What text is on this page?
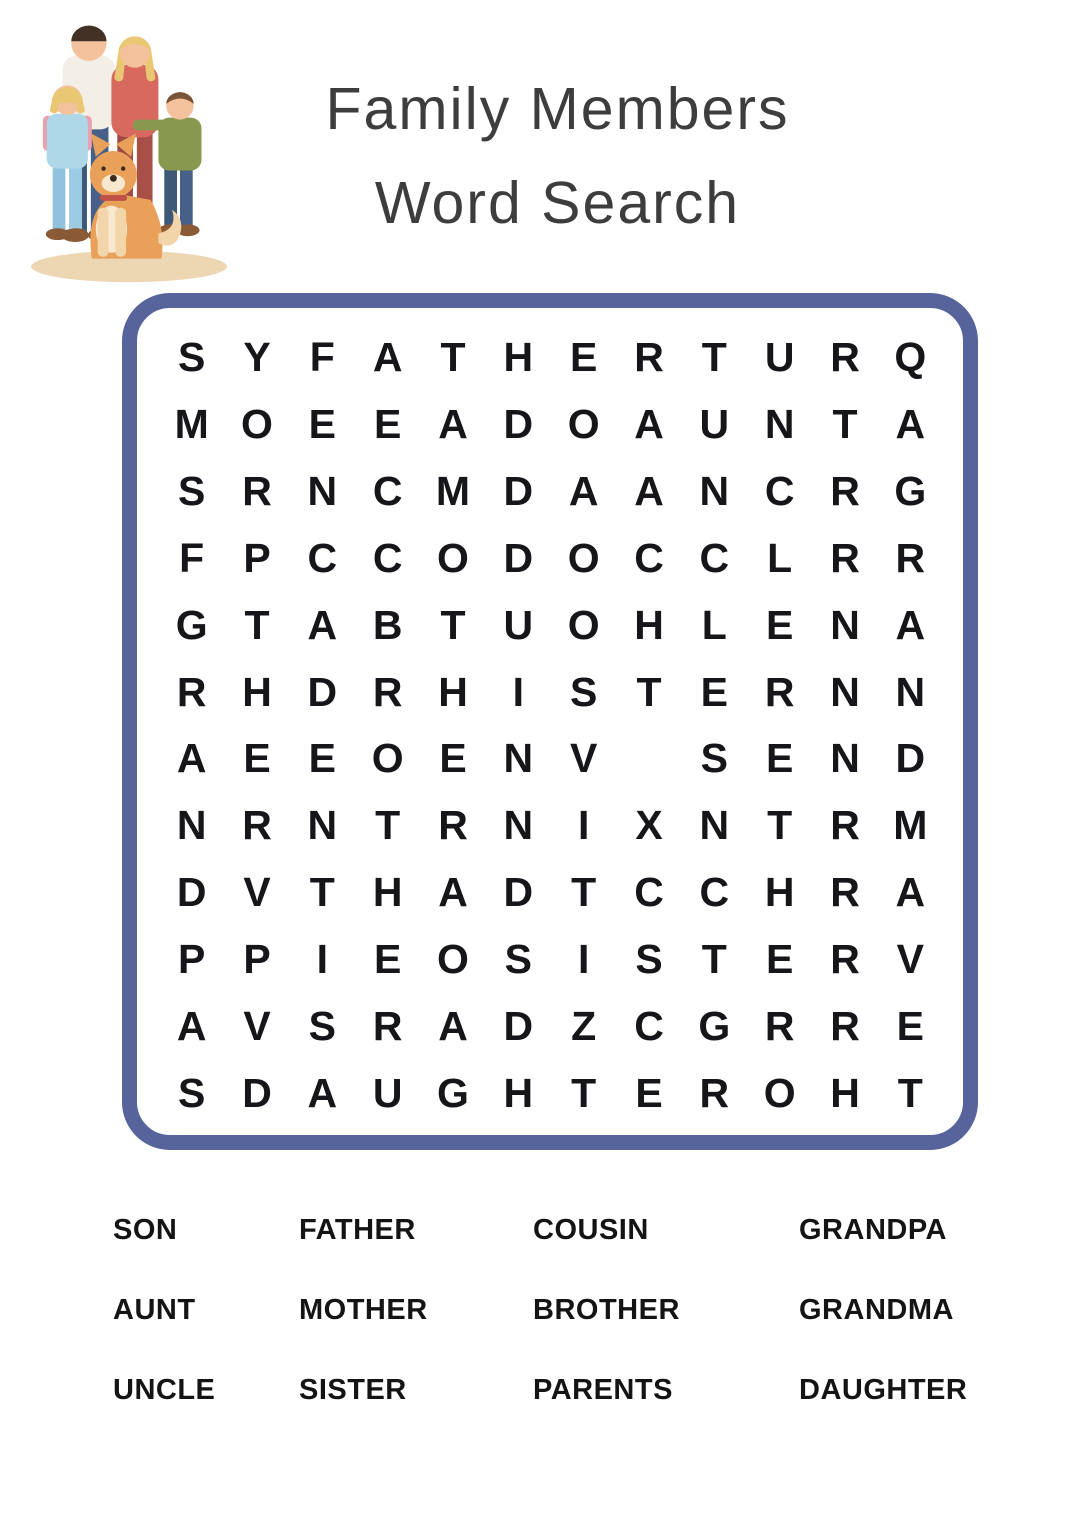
Family Members
Word Search
S Y F A T H E R T U R Q
M O E E A D O A U N T A
S R N C M D A A N C R G
F P C C O D O C C L R R
G T A B T U O H L E N A
R H D R H	I	S T E R N N
A E E O E N V	S E N D
N R N T R N	I	X N T R M
D V T H A D T C C H R A
P P	I	E O S	I	S T E R V
A V S R A D Z C G R R E
S D A U G H T E R O H T
SON	FATHER	COUSIN	GRANDPA
AUNT	MOTHER	BROTHER	GRANDMA
UNCLE	SISTER	PARENTS	DAUGHTER
